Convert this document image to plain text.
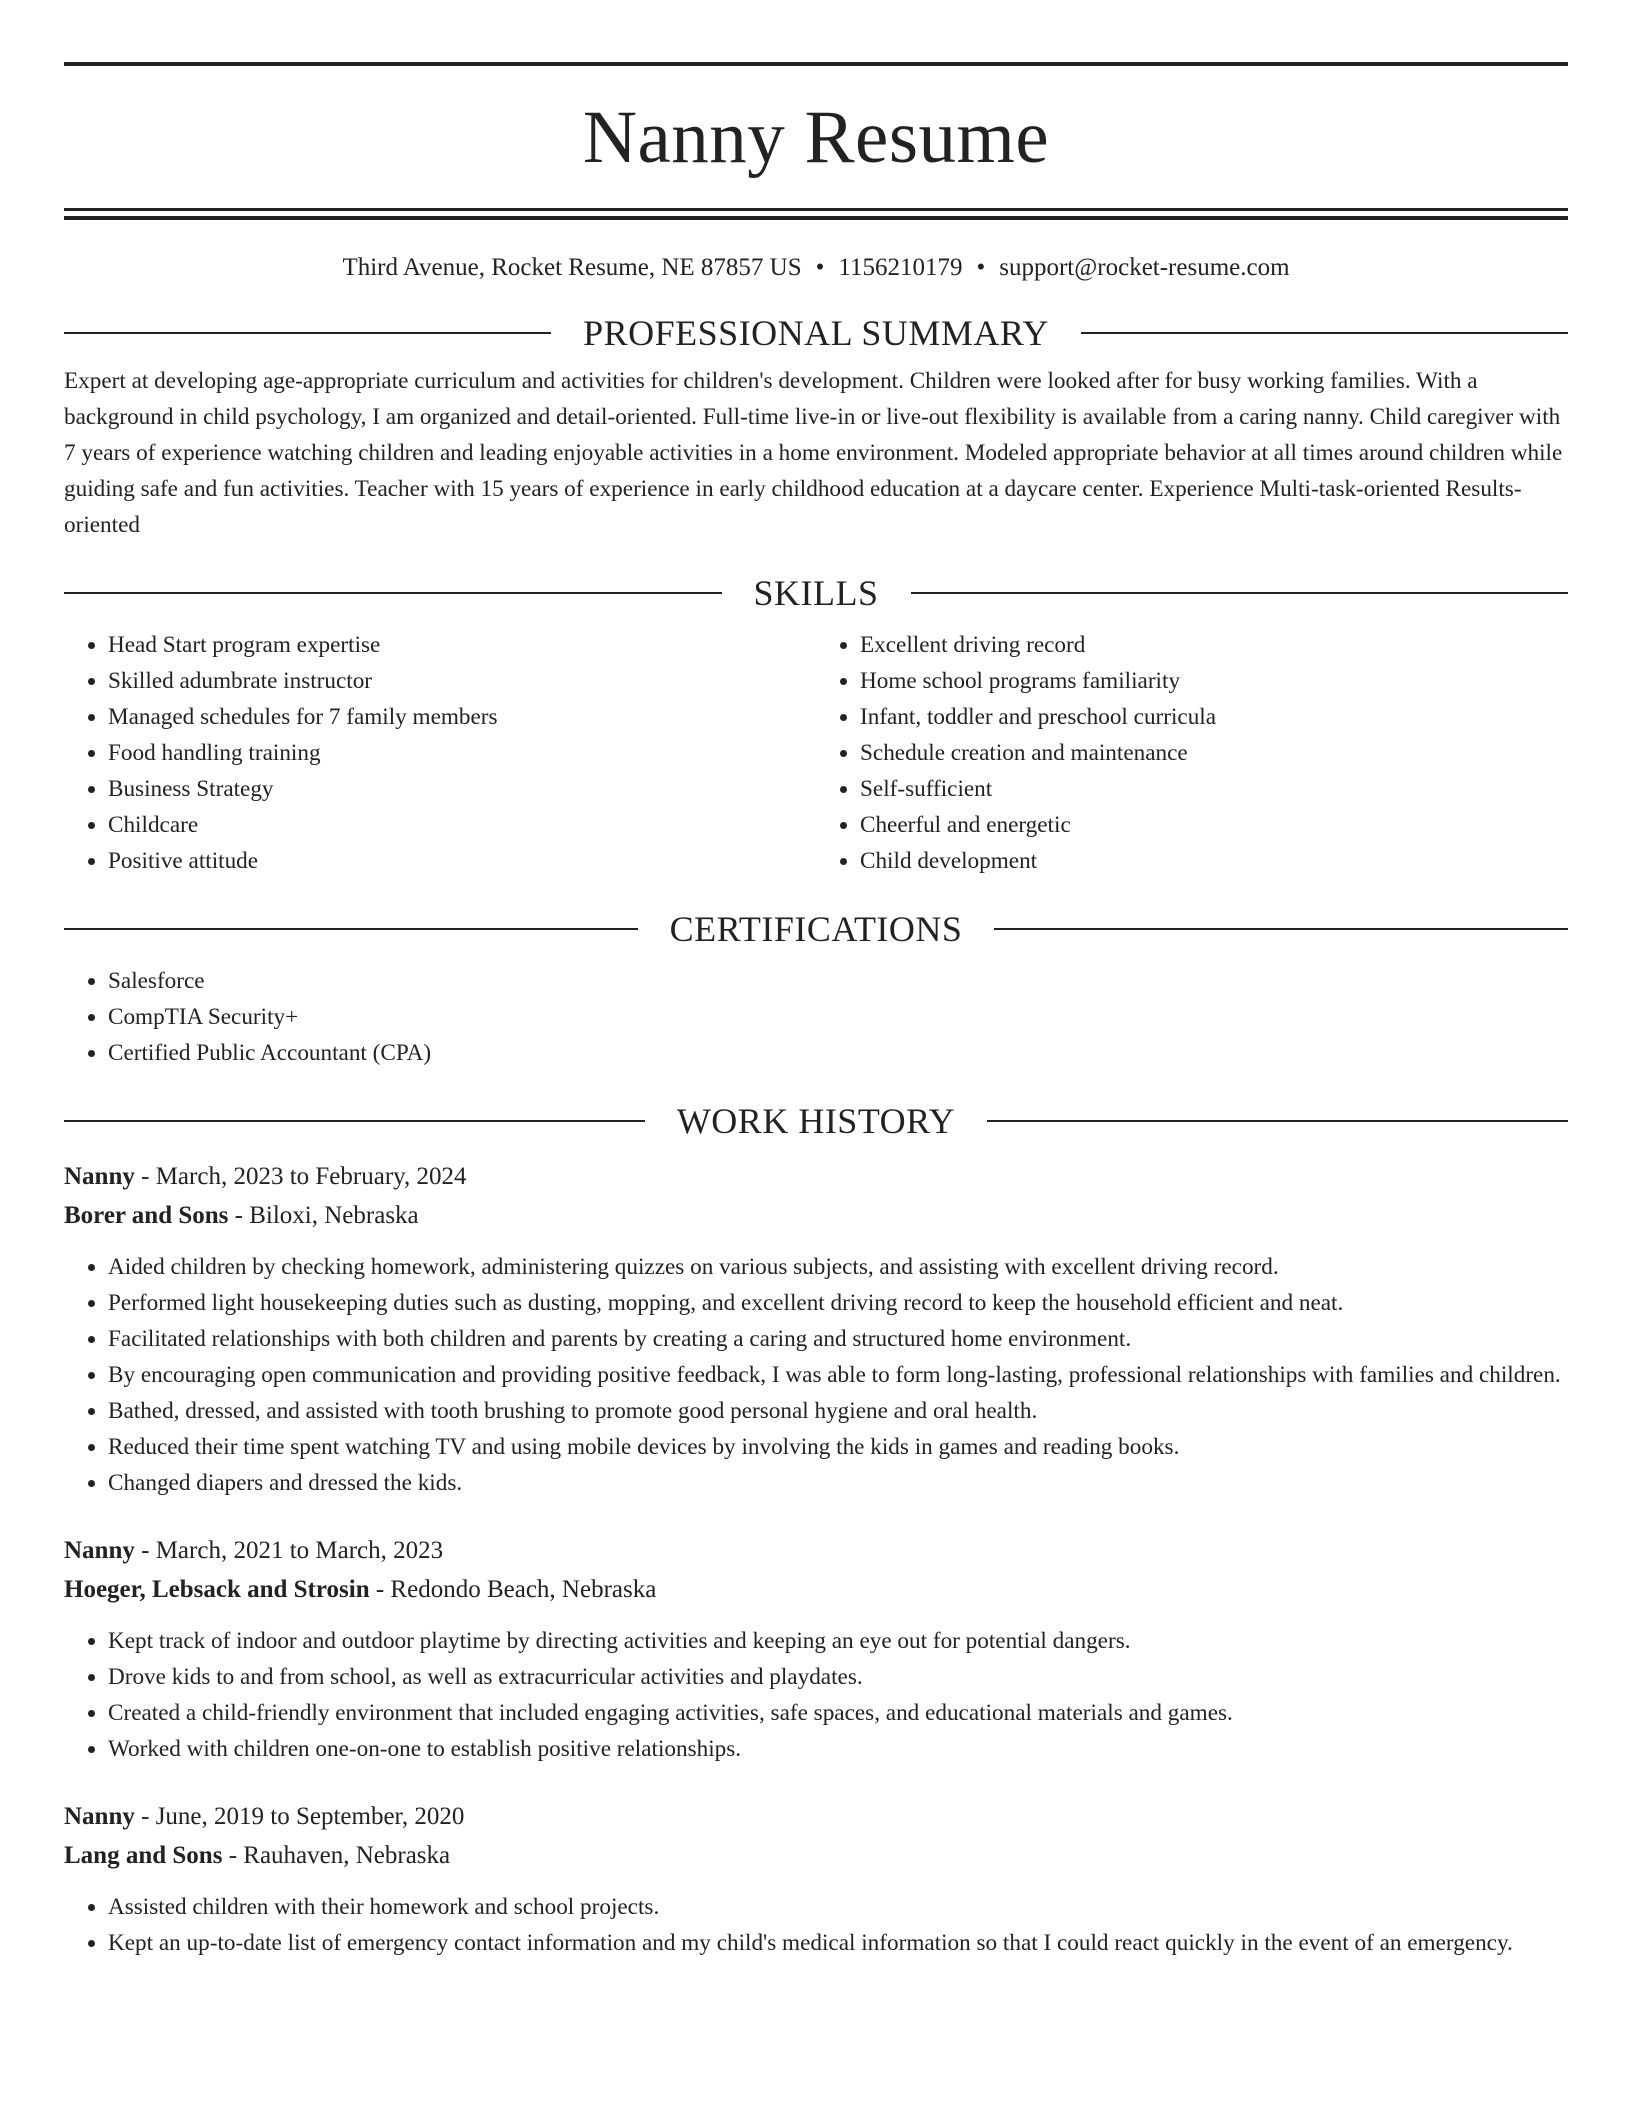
Nanny Resume
Third Avenue, Rocket Resume, NE 87857 US • 1156210179 • support@rocket-resume.com
PROFESSIONAL SUMMARY
Expert at developing age-appropriate curriculum and activities for children's development. Children were looked after for busy working families. With a background in child psychology, I am organized and detail-oriented. Full-time live-in or live-out flexibility is available from a caring nanny. Child caregiver with 7 years of experience watching children and leading enjoyable activities in a home environment. Modeled appropriate behavior at all times around children while guiding safe and fun activities. Teacher with 15 years of experience in early childhood education at a daycare center. Experience Multi-task-oriented Results-oriented
SKILLS
• Head Start program expertise
• Skilled adumbrate instructor
• Managed schedules for 7 family members
• Food handling training
• Business Strategy
• Childcare
• Positive attitude
• Excellent driving record
• Home school programs familiarity
• Infant, toddler and preschool curricula
• Schedule creation and maintenance
• Self-sufficient
• Cheerful and energetic
• Child development
CERTIFICATIONS
• Salesforce
• CompTIA Security+
• Certified Public Accountant (CPA)
WORK HISTORY
Nanny - March, 2023 to February, 2024
Borer and Sons - Biloxi, Nebraska
• Aided children by checking homework, administering quizzes on various subjects, and assisting with excellent driving record.
• Performed light housekeeping duties such as dusting, mopping, and excellent driving record to keep the household efficient and neat.
• Facilitated relationships with both children and parents by creating a caring and structured home environment.
• By encouraging open communication and providing positive feedback, I was able to form long-lasting, professional relationships with families and children.
• Bathed, dressed, and assisted with tooth brushing to promote good personal hygiene and oral health.
• Reduced their time spent watching TV and using mobile devices by involving the kids in games and reading books.
• Changed diapers and dressed the kids.
Nanny - March, 2021 to March, 2023
Hoeger, Lebsack and Strosin - Redondo Beach, Nebraska
• Kept track of indoor and outdoor playtime by directing activities and keeping an eye out for potential dangers.
• Drove kids to and from school, as well as extracurricular activities and playdates.
• Created a child-friendly environment that included engaging activities, safe spaces, and educational materials and games.
• Worked with children one-on-one to establish positive relationships.
Nanny - June, 2019 to September, 2020
Lang and Sons - Rauhaven, Nebraska
• Assisted children with their homework and school projects.
• Kept an up-to-date list of emergency contact information and my child's medical information so that I could react quickly in the event of an emergency.
